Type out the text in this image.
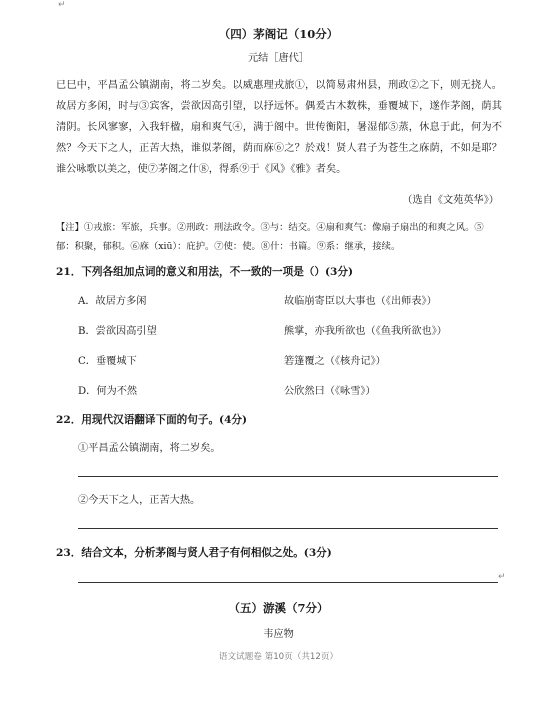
↵
（四）茅阁记（10分）
元结［唐代］
已巳中，平昌孟公镇湖南，将二岁矣。以威惠理戎旅①，以简易肃州县，刑政②之下，则无挠人。故居方多闲，时与③宾客，尝欲因高引望，以抒远怀。偶爰古木数株，垂覆城下，遂作茅阁，荫其清阴。长风寥寥，入我轩楹，扇和爽气④，满于阁中。世传衡阳，暑湿郁⑤蒸，休息于此，何为不然？今天下之人，正苦大热，谁似茅阁，荫而庥⑥之？於戏！贤人君子为苍生之庥荫，不如是耶？谁公咏歌以美之，使⑦茅阁之什⑧，得系⑨于《风》《雅》者矣。
（选自《文苑英华》）
【注】①戎旅：军旅，兵事。②刑政：刑法政令。③与：结交。④扇和爽气：像扇子扇出的和爽之风。⑤郁：积聚，郁积。⑥庥（xiū）：庇护。⑦使：使。⑧什：书篇。⑨系：继承，接续。
21．下列各组加点词的意义和用法，不一致的一项是（）(3分)
A．故居方多闲	故临崩寄臣以大事也（《出师表》）
B．尝欲因高引望	熊掌，亦我所欲也（《鱼我所欲也》）
C．垂覆城下	箬篷覆之（《核舟记》）
D．何为不然	公欣然曰（《咏雪》）
22．用现代汉语翻译下面的句子。(4分)
①平昌孟公镇湖南，将二岁矣。
②今天下之人，正苦大热。
23．结合文本，分析茅阁与贤人君子有何相似之处。(3分)
↵
（五）游溪（7分）
韦应物
语文试题卷 第10页（共12页）
